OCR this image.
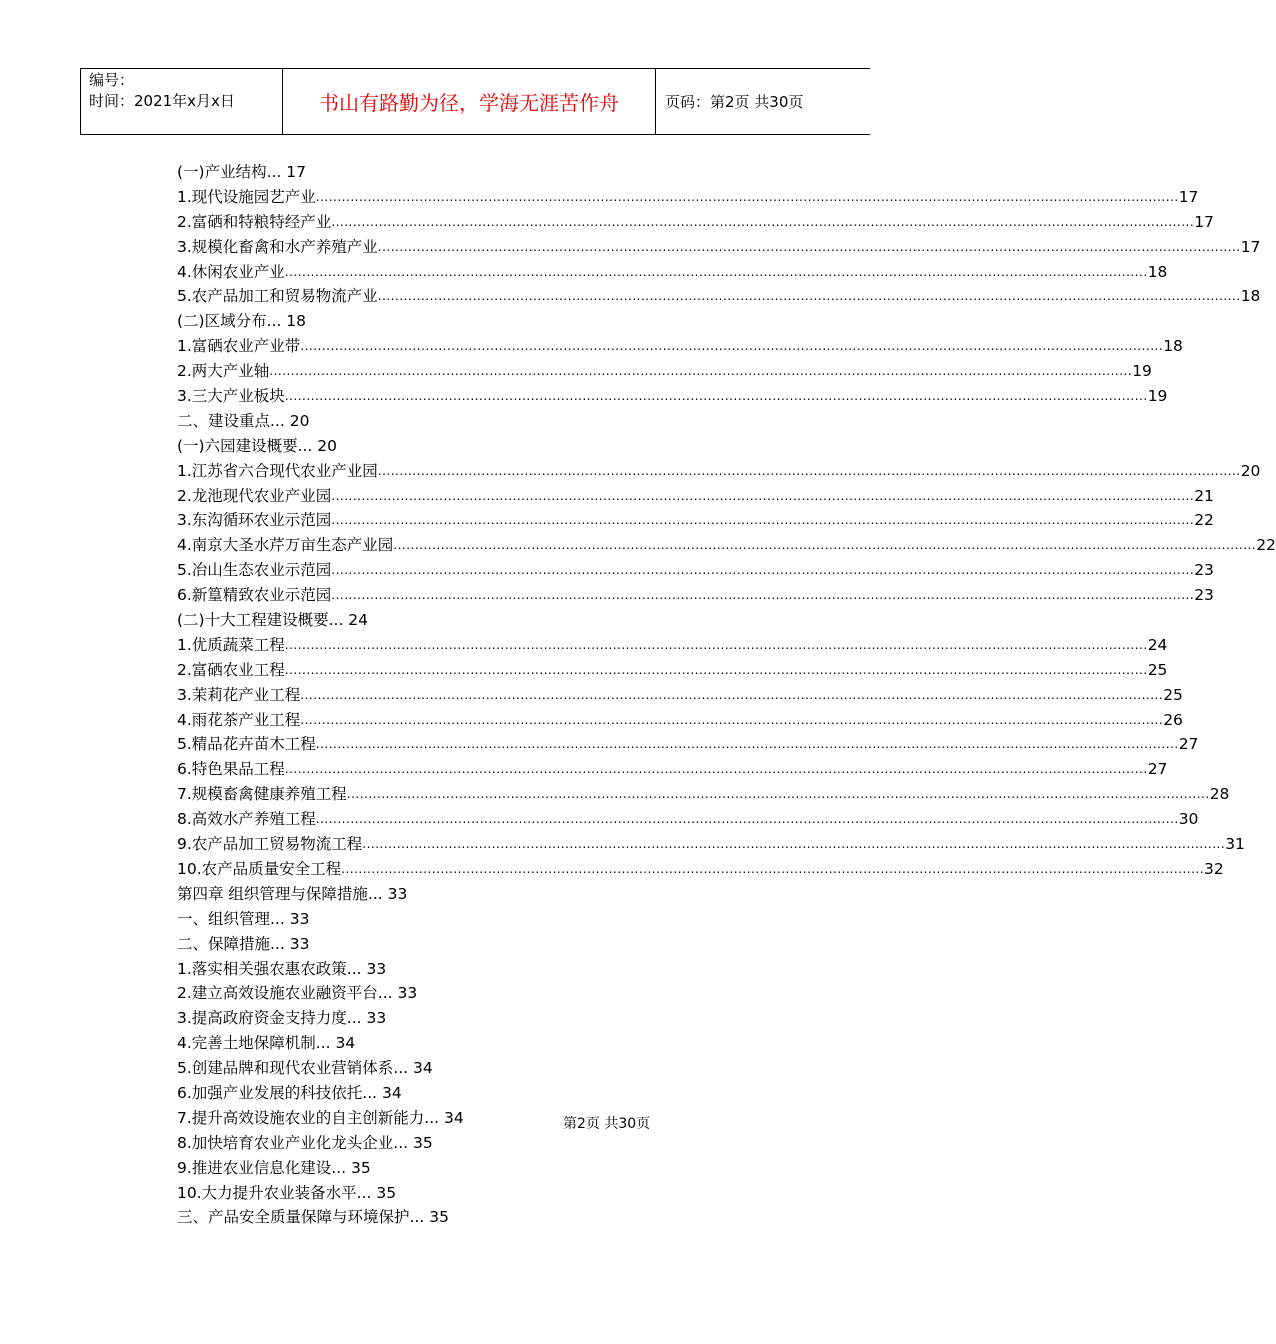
编号：
时间：2021年x月x日	书山有路勤为径，学海无涯苦作舟	页码：第2页 共30页
(一)产业结构... 17
1.现代设施园艺产业 ........................................................................................................................................................................................................ 17
2.富硒和特粮特经产业 ........................................................................................................................................................................................................ 17
3.规模化畜禽和水产养殖产业 ........................................................................................................................................................................................................ 17
4.休闲农业产业 ........................................................................................................................................................................................................ 18
5.农产品加工和贸易物流产业 ........................................................................................................................................................................................................ 18
(二)区域分布... 18
1.富硒农业产业带 ........................................................................................................................................................................................................ 18
2.两大产业轴 ........................................................................................................................................................................................................ 19
3.三大产业板块 ........................................................................................................................................................................................................ 19
二、建设重点... 20
(一)六园建设概要... 20
1.江苏省六合现代农业产业园 ........................................................................................................................................................................................................ 20
2.龙池现代农业产业园 ........................................................................................................................................................................................................ 21
3.东沟循环农业示范园 ........................................................................................................................................................................................................ 22
4.南京大圣水芹万亩生态产业园 ........................................................................................................................................................................................................ 22
5.冶山生态农业示范园 ........................................................................................................................................................................................................ 23
6.新篁精致农业示范园 ........................................................................................................................................................................................................ 23
(二)十大工程建设概要... 24
1.优质蔬菜工程 ........................................................................................................................................................................................................ 24
2.富硒农业工程 ........................................................................................................................................................................................................ 25
3.茉莉花产业工程 ........................................................................................................................................................................................................ 25
4.雨花茶产业工程 ........................................................................................................................................................................................................ 26
5.精品花卉苗木工程 ........................................................................................................................................................................................................ 27
6.特色果品工程 ........................................................................................................................................................................................................ 27
7.规模畜禽健康养殖工程 ........................................................................................................................................................................................................ 28
8.高效水产养殖工程 ........................................................................................................................................................................................................ 30
9.农产品加工贸易物流工程 ........................................................................................................................................................................................................ 31
10.农产品质量安全工程 ........................................................................................................................................................................................................ 32
第四章 组织管理与保障措施... 33
一、组织管理... 33
二、保障措施... 33
1.落实相关强农惠农政策... 33
2.建立高效设施农业融资平台... 33
3.提高政府资金支持力度... 33
4.完善土地保障机制... 34
5.创建品牌和现代农业营销体系... 34
6.加强产业发展的科技依托... 34
7.提升高效设施农业的自主创新能力... 34
8.加快培育农业产业化龙头企业... 35
9.推进农业信息化建设... 35
10.大力提升农业装备水平... 35
三、产品安全质量保障与环境保护... 35
第2页 共30页
